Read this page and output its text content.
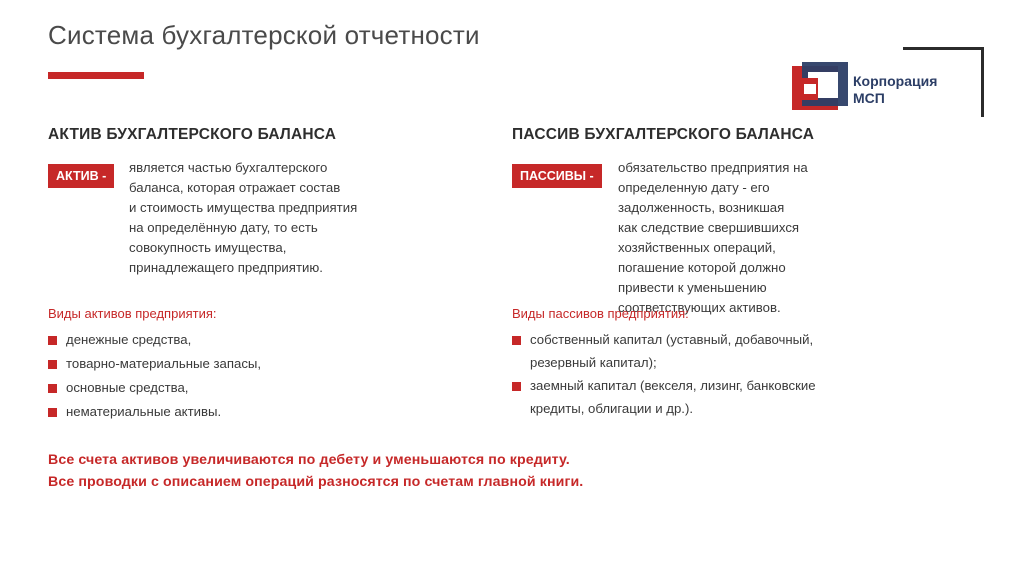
Система бухгалтерской отчетности
Корпорация
МСП
АКТИВ БУХГАЛТЕРСКОГО БАЛАНСА
АКТИВ -
является частью бухгалтерского
баланса, которая отражает состав
и стоимость имущества предприятия
на определённую дату, то есть
совокупность имущества,
принадлежащего предприятию.
Виды активов предприятия:
денежные средства,
товарно-материальные запасы,
основные средства,
нематериальные активы.
ПАССИВ БУХГАЛТЕРСКОГО БАЛАНСА
ПАССИВЫ -
обязательство предприятия на
определенную дату - его
задолженность, возникшая
как следствие свершившихся
хозяйственных операций,
погашение которой должно
привести к уменьшению
соответствующих активов.
Виды пассивов предприятия:
собственный капитал (уставный, добавочный,
резервный капитал);
заемный капитал (векселя, лизинг, банковские
кредиты, облигации и др.).
Все счета активов увеличиваются по дебету и уменьшаются по кредиту.
Все проводки с описанием операций разносятся по счетам главной книги.
